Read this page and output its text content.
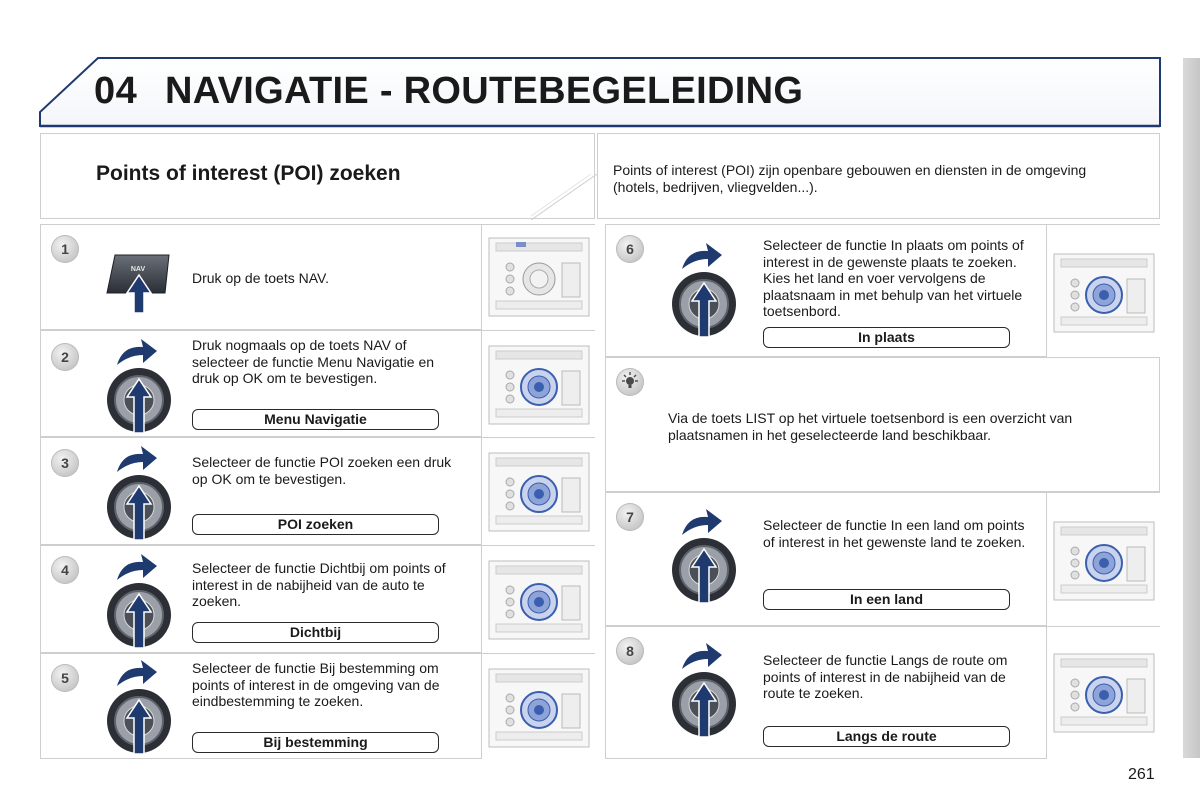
04 NAVIGATIE - ROUTEBEGELEIDING
Points of interest (POI) zoeken	Points of interest (POI) zijn openbare gebouwen en diensten in de omgeving (hotels, bedrijven, vliegvelden...).
1
NAV
Druk op de toets NAV.
2
Druk nogmaals op de toets NAV of selecteer de functie Menu Navigatie en druk op OK om te bevestigen.
Menu Navigatie
3	Selecteer de functie POI zoeken een druk op OK om te bevestigen.
POI zoeken
4	Selecteer de functie Dichtbij om points of interest in de nabijheid van de auto te zoeken.
Dichtbij
5
Selecteer de functie Bij bestemming om points of interest in de omgeving van de eindbestemming te zoeken.
Bij bestemming
6	Selecteer de functie In plaats om points of interest in de gewenste plaats te zoeken. Kies het land en voer vervolgens de plaatsnaam in met behulp van het virtuele toetsenbord.
In plaats
Via de toets LIST op het virtuele toetsenbord is een overzicht van plaatsnamen in het geselecteerde land beschikbaar.
7	Selecteer de functie In een land om points of interest in het gewenste land te zoeken.
In een land
8
Selecteer de functie Langs de route om points of interest in de nabijheid van de route te zoeken.
Langs de route
261
